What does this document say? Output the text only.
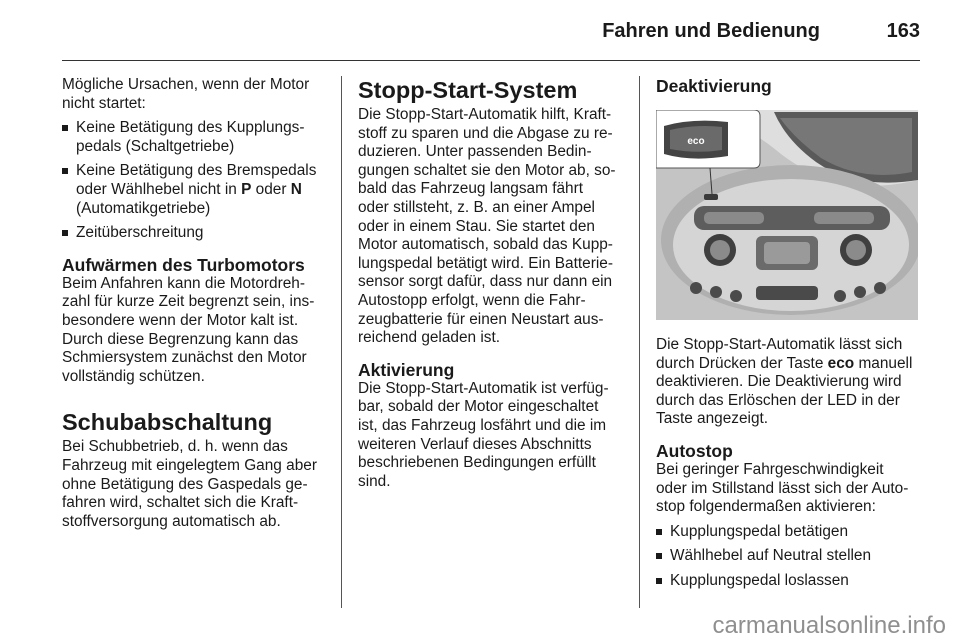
Fahren und Bedienung	163

Mögliche Ursachen, wenn der Motor
nicht startet:

Keine Betätigung des Kupplungs-
pedals (Schaltgetriebe)
Keine Betätigung des Bremspedals
oder Wählhebel nicht in P oder N
(Automatikgetriebe)
Zeitüberschreitung
Aufwärmen des Turbomotors

Beim Anfahren kann die Motordreh-
zahl für kurze Zeit begrenzt sein, ins-
besondere wenn der Motor kalt ist.
Durch diese Begrenzung kann das
Schmiersystem zunächst den Motor
vollständig schützen.

Schubabschaltung

Bei Schubbetrieb, d. h. wenn das
Fahrzeug mit eingelegtem Gang aber
ohne Betätigung des Gaspedals ge-
fahren wird, schaltet sich die Kraft-
stoffversorgung automatisch ab.

Stopp-Start-System

Die Stopp-Start-Automatik hilft, Kraft-
stoff zu sparen und die Abgase zu re-
duzieren. Unter passenden Bedin-
gungen schaltet sie den Motor ab, so-
bald das Fahrzeug langsam fährt
oder stillsteht, z. B. an einer Ampel
oder in einem Stau. Sie startet den
Motor automatisch, sobald das Kupp-
lungspedal betätigt wird. Ein Batterie-
sensor sorgt dafür, dass nur dann ein
Autostopp erfolgt, wenn die Fahr-
zeugbatterie für einen Neustart aus-
reichend geladen ist.

Aktivierung

Die Stopp-Start-Automatik ist verfüg-
bar, sobald der Motor eingeschaltet
ist, das Fahrzeug losfährt und die im
weiteren Verlauf dieses Abschnitts
beschriebenen Bedingungen erfüllt
sind.

Deaktivierung
eco

Die Stopp-Start-Automatik lässt sich
durch Drücken der Taste eco manuell
deaktivieren. Die Deaktivierung wird
durch das Erlöschen der LED in der
Taste angezeigt.

Autostop

Bei geringer Fahrgeschwindigkeit
oder im Stillstand lässt sich der Auto-
stop folgendermaßen aktivieren:

Kupplungspedal betätigen
Wählhebel auf Neutral stellen
Kupplungspedal loslassen
carmanualsonline.info
